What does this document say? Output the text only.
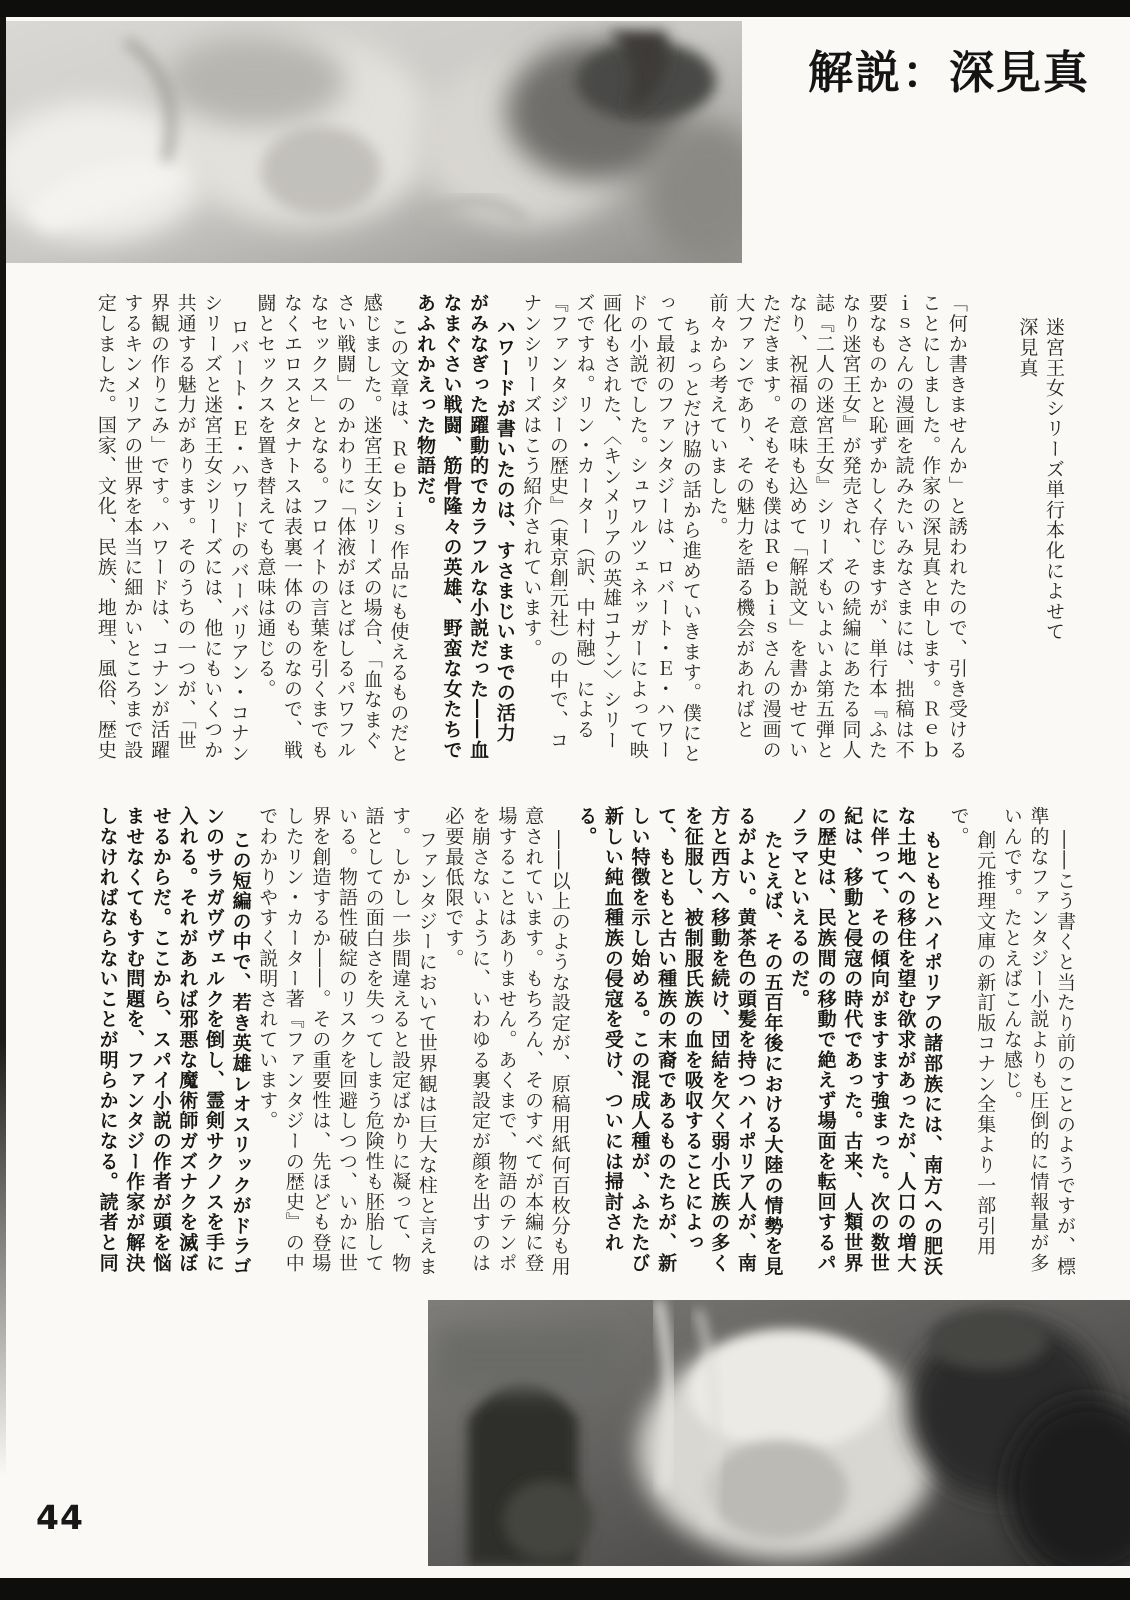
解説：深見真
迷宮王女シリーズ単行本化によせて
深見真
「何か書きませんか」と誘われたので、引き受ける
ことにしました。作家の深見真と申します。Ｒｅｂ
ｉｓさんの漫画を読みたいみなさまには、拙稿は不
要なものかと恥ずかしく存じますが、単行本『ふた
なり迷宮王女』が発売され、その続編にあたる同人
誌『二人の迷宮王女』シリーズもいよいよ第五弾と
なり、祝福の意味も込めて「解説文」を書かせてい
ただきます。そもそも僕はＲｅｂｉｓさんの漫画の
大ファンであり、その魅力を語る機会があればと
前々から考えていました。
ちょっとだけ脇の話から進めていきます。僕にと
って最初のファンタジーは、ロバート・Ｅ・ハワー
ドの小説でした。シュワルツェネッガーによって映
画化もされた、〈キンメリアの英雄コナン〉シリー
ズですね。リン・カーター（訳、中村融）による
『ファンタジーの歴史』（東京創元社）の中で、コ
ナンシリーズはこう紹介されています。
ハワードが書いたのは、すさまじいまでの活力
がみなぎった躍動的でカラフルな小説だった――血
なまぐさい戦闘、筋骨隆々の英雄、野蛮な女たちで
あふれかえった物語だ。
この文章は、Ｒｅｂｉｓ作品にも使えるものだと
感じました。迷宮王女シリーズの場合、「血なまぐ
さい戦闘」のかわりに「体液がほとばしるパワフル
なセックス」となる。フロイトの言葉を引くまでも
なくエロスとタナトスは表裏一体のものなので、戦
闘とセックスを置き替えても意味は通じる。
ロバート・Ｅ・ハワードのバーバリアン・コナン
シリーズと迷宮王女シリーズには、他にもいくつか
共通する魅力があります。そのうちの一つが、「世
界観の作りこみ」です。ハワードは、コナンが活躍
するキンメリアの世界を本当に細かいところまで設
定しました。国家、文化、民族、地理、風俗、歴史
――こう書くと当たり前のことのようですが、標
準的なファンタジー小説よりも圧倒的に情報量が多
いんです。たとえばこんな感じ。
創元推理文庫の新訂版コナン全集より一部引用
で。
もともとハイポリアの諸部族には、南方への肥沃
な土地への移住を望む欲求があったが、人口の増大
に伴って、その傾向がますます強まった。次の数世
紀は、移動と侵寇の時代であった。古来、人類世界
の歴史は、民族間の移動で絶えず場面を転回するパ
ノラマといえるのだ。
たとえば、その五百年後における大陸の情勢を見
るがよい。黄茶色の頭髪を持つハイポリア人が、南
方と西方へ移動を続け、団結を欠く弱小氏族の多く
を征服し、被制服氏族の血を吸収することによっ
て、もともと古い種族の末裔であるものたちが、新
しい特徴を示し始める。この混成人種が、ふたたび
新しい純血種族の侵寇を受け、ついには掃討され
る。
――以上のような設定が、原稿用紙何百枚分も用
意されています。もちろん、そのすべてが本編に登
場することはありません。あくまで、物語のテンポ
を崩さないように、いわゆる裏設定が顔を出すのは
必要最低限です。
ファンタジーにおいて世界観は巨大な柱と言えま
す。しかし一歩間違えると設定ばかりに凝って、物
語としての面白さを失ってしまう危険性も胚胎して
いる。物語性破綻のリスクを回避しつつ、いかに世
界を創造するか――。その重要性は、先ほども登場
したリン・カーター著『ファンタジーの歴史』の中
でわかりやすく説明されています。
この短編の中で、若き英雄レオスリックがドラゴ
ンのサラガヴヴェルクを倒し、霊剣サクノスを手に
入れる。それがあれば邪悪な魔術師ガズナクを滅ぼ
せるからだ。ここから、スパイ小説の作者が頭を悩
ませなくてもすむ問題を、ファンタジー作家が解決
しなければならないことが明らかになる。読者と同
44
